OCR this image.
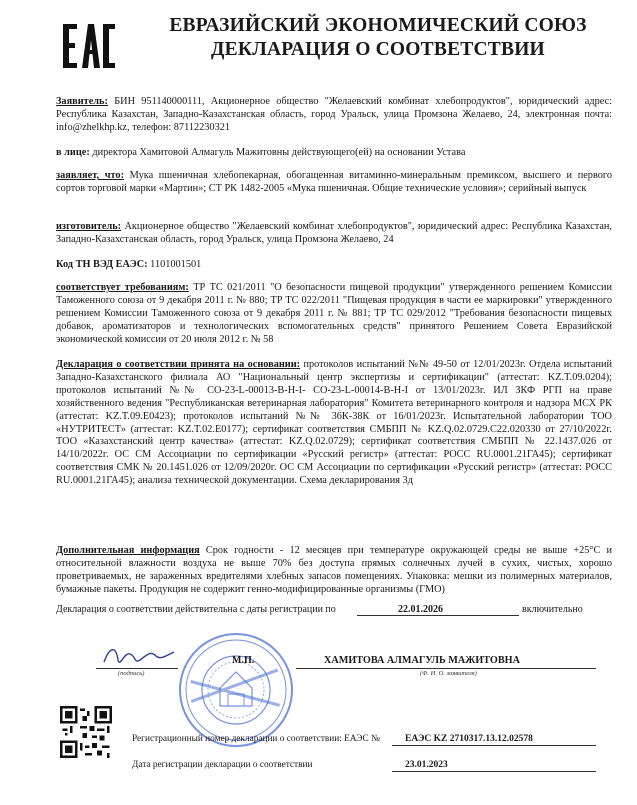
ЕВРАЗИЙСКИЙ ЭКОНОМИЧЕСКИЙ СОЮЗ
ДЕКЛАРАЦИЯ О СООТВЕТСТВИИ
Заявитель: БИН 951140000111, Акционерное общество "Желаевский комбинат хлебопродуктов", юридический адрес: Республика Казахстан, Западно-Казахстанская область, город Уральск, улица Промзона Желаево, 24, электронная почта: info@zhelkhp.kz, телефон: 87112230321
в лице: директора Хамитовой Алмагуль Мажитовны действующего(ей) на основании Устава
заявляет, что: Мука пшеничная хлебопекарная, обогащенная витаминно-минеральным премиксом, высшего и первого сортов торговой марки «Мартин»; СТ РК 1482-2005 «Мука пшеничная. Общие технические условия»; серийный выпуск
изготовитель: Акционерное общество "Желаевский комбинат хлебопродуктов", юридический адрес: Республика Казахстан, Западно-Казахстанская область, город Уральск, улица Промзона Желаево, 24
Код ТН ВЭД ЕАЭС: 1101001501
соответствует требованиям: ТР ТС 021/2011 "О безопасности пищевой продукции" утвержденного решением Комиссии Таможенного союза от 9 декабря 2011 г. № 880; ТР ТС 022/2011 "Пищевая продукция в части ее маркировки" утвержденного решением Комиссии Таможенного союза от 9 декабря 2011 г. № 881; ТР ТС 029/2012 "Требования безопасности пищевых добавок, ароматизаторов и технологических вспомогательных средств" принятого Решением Совета Евразийской экономической комиссии от 20 июля 2012 г. № 58
Декларация о соответствии принята на основании: протоколов испытаний №№ 49-50 от 12/01/2023г. Отдела испытаний Западно-Казахстанского филиала АО "Национальный центр экспертизы и сертификации" (аттестат: KZ.T.09.0204); протоколов испытаний №№ CO-23-L-00013-B-H-I- CO-23-L-00014-B-H-I от 13/01/2023г. ИЛ ЗКФ РГП на праве хозяйственного ведения "Республиканская ветеринарная лаборатория" Комитета ветеринарного контроля и надзора МСХ РК (аттестат: KZ.T.09.E0423); протоколов испытаний №№ 36К-38К от 16/01/2023г. Испытательной лаборатории ТОО «НУТРИТЕСТ» (аттестат: KZ.T.02.E0177); сертификат соответствия СМБПП № KZ.Q.02.0729.C22.020330 от 27/10/2022г. ТОО «Казахстанский центр качества» (аттестат: KZ.Q.02.0729); сертификат соответствия СМБПП № 22.1437.026 от 14/10/2022г. ОС СМ Ассоциации по сертификации «Русский регистр» (аттестат: POCC RU.0001.21ГА45); сертификат соответствия СМК № 20.1451.026 от 12/09/2020г. ОС СМ Ассоциации по сертификации «Русский регистр» (аттестат: POCC RU.0001.21ГА45); анализа технической документации. Схема декларирования 3д
Дополнительная информация Срок годности - 12 месяцев при температуре окружающей среды не выше +25°С и относительной влажности воздуха не выше 70% без доступа прямых солнечных лучей в сухих, чистых, хорошо проветриваемых, не зараженных вредителями хлебных запасов помещениях. Упаковка: мешки из полимерных материалов, бумажные пакеты. Продукция не содержит генно-модифицированные организмы (ГМО)
Декларация о соответствии действительна с даты регистрации по	22.01.2026	включительно
(подпись)
М.П.	ХАМИТОВА АЛМАГУЛЬ МАЖИТОВНА
(Ф. И. О. заявителя)
Регистрационный номер декларации о соответствии: ЕАЭС №	ЕАЭС KZ 2710317.13.12.02578
Дата регистрации декларации о соответствии	23.01.2023
